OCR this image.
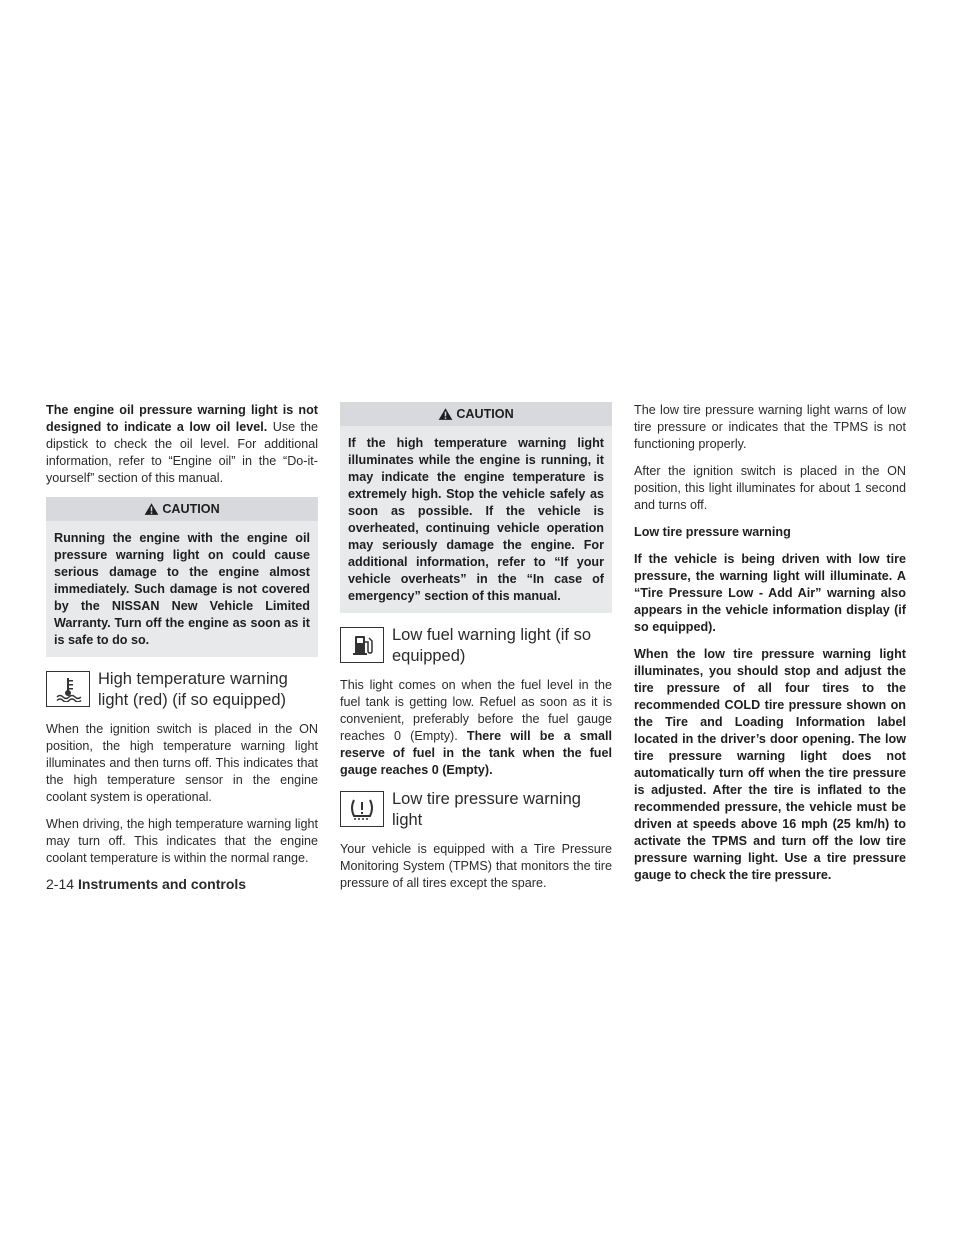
The engine oil pressure warning light is not designed to indicate a low oil level. Use the dipstick to check the oil level. For additional information, refer to “Engine oil” in the “Do-it-yourself” section of this manual.

CAUTION
Running the engine with the engine oil pressure warning light on could cause serious damage to the engine almost immediately. Such damage is not covered by the NISSAN New Vehicle Limited Warranty. Turn off the engine as soon as it is safe to do so.
High temperature warning light (red) (if so equipped)

When the ignition switch is placed in the ON position, the high temperature warning light illuminates and then turns off. This indicates that the high temperature sensor in the engine coolant system is operational.

When driving, the high temperature warning light may turn off. This indicates that the engine coolant temperature is within the normal range.

CAUTION
If the high temperature warning light illuminates while the engine is running, it may indicate the engine temperature is extremely high. Stop the vehicle safely as soon as possible. If the vehicle is overheated, continuing vehicle operation may seriously damage the engine. For additional information, refer to “If your vehicle overheats” in the “In case of emergency” section of this manual.
Low fuel warning light (if so equipped)

This light comes on when the fuel level in the fuel tank is getting low. Refuel as soon as it is convenient, preferably before the fuel gauge reaches 0 (Empty). There will be a small reserve of fuel in the tank when the fuel gauge reaches 0 (Empty).

Low tire pressure warning light

Your vehicle is equipped with a Tire Pressure Monitoring System (TPMS) that monitors the tire pressure of all tires except the spare.

The low tire pressure warning light warns of low tire pressure or indicates that the TPMS is not functioning properly.

After the ignition switch is placed in the ON position, this light illuminates for about 1 second and turns off.

Low tire pressure warning

If the vehicle is being driven with low tire pressure, the warning light will illuminate. A “Tire Pressure Low - Add Air” warning also appears in the vehicle information display (if so equipped).

When the low tire pressure warning light illuminates, you should stop and adjust the tire pressure of all four tires to the recommended COLD tire pressure shown on the Tire and Loading Information label located in the driver’s door opening. The low tire pressure warning light does not automatically turn off when the tire pressure is adjusted. After the tire is inflated to the recommended pressure, the vehicle must be driven at speeds above 16 mph (25 km/h) to activate the TPMS and turn off the low tire pressure warning light. Use a tire pressure gauge to check the tire pressure.

2-14 Instruments and controls
